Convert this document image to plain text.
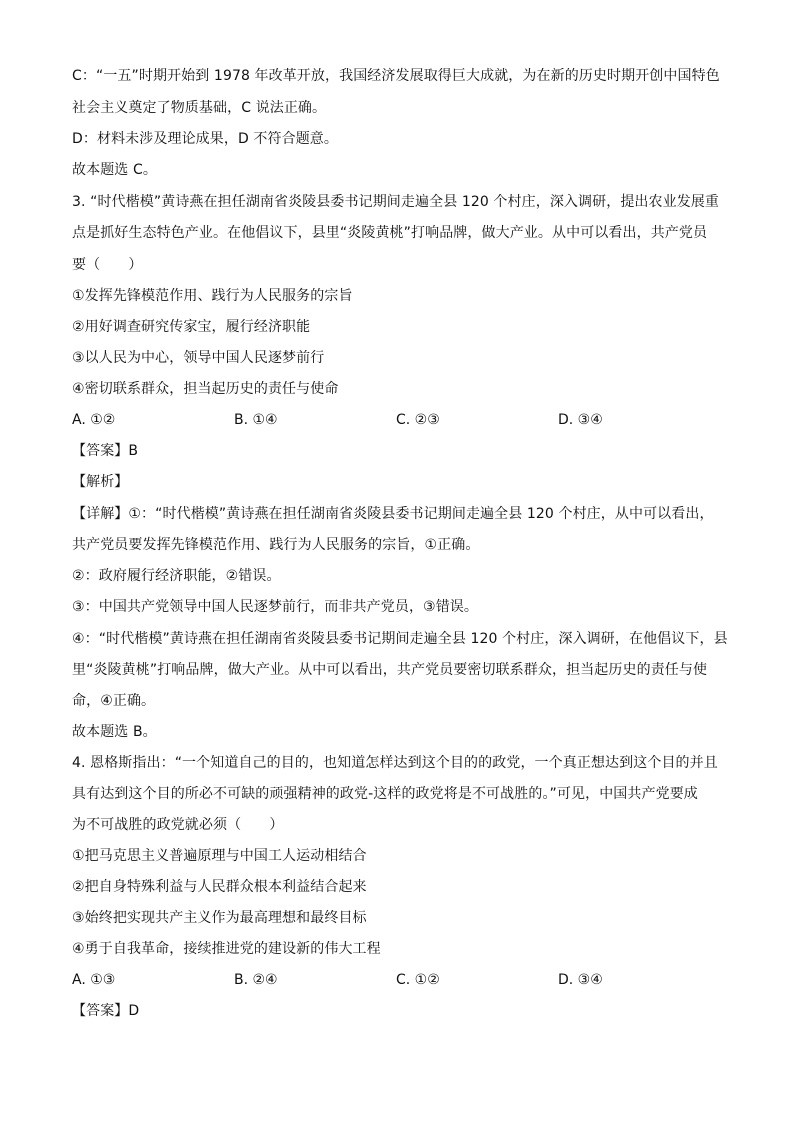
C：“一五”时期开始到 1978 年改革开放，我国经济发展取得巨大成就，为在新的历史时期开创中国特色
社会主义奠定了物质基础，C 说法正确。
D：材料未涉及理论成果，D 不符合题意。
故本题选 C。
3. “时代楷模”黄诗燕在担任湖南省炎陵县委书记期间走遍全县 120 个村庄，深入调研，提出农业发展重
点是抓好生态特色产业。在他倡议下，县里“炎陵黄桃”打响品牌，做大产业。从中可以看出，共产党员
要（　　）
①发挥先锋模范作用、践行为人民服务的宗旨
②用好调查研究传家宝，履行经济职能
③以人民为中心，领导中国人民逐梦前行
④密切联系群众，担当起历史的责任与使命
A. ①②	B. ①④	C. ②③	D. ③④
【答案】B
【解析】
【详解】①：“时代楷模”黄诗燕在担任湖南省炎陵县委书记期间走遍全县 120 个村庄，从中可以看出，
共产党员要发挥先锋模范作用、践行为人民服务的宗旨，①正确。
②：政府履行经济职能，②错误。
③：中国共产党领导中国人民逐梦前行，而非共产党员，③错误。
④：“时代楷模”黄诗燕在担任湖南省炎陵县委书记期间走遍全县 120 个村庄，深入调研，在他倡议下，县
里“炎陵黄桃”打响品牌，做大产业。从中可以看出，共产党员要密切联系群众，担当起历史的责任与使
命，④正确。
故本题选 B。
4. 恩格斯指出：“一个知道自己的目的，也知道怎样达到这个目的的政党，一个真正想达到这个目的并且
具有达到这个目的所必不可缺的顽强精神的政党-这样的政党将是不可战胜的。”可见，中国共产党要成
为不可战胜的政党就必须（　　）
①把马克思主义普遍原理与中国工人运动相结合
②把自身特殊利益与人民群众根本利益结合起来
③始终把实现共产主义作为最高理想和最终目标
④勇于自我革命，接续推进党的建设新的伟大工程
A. ①③	B. ②④	C. ①②	D. ③④
【答案】D
